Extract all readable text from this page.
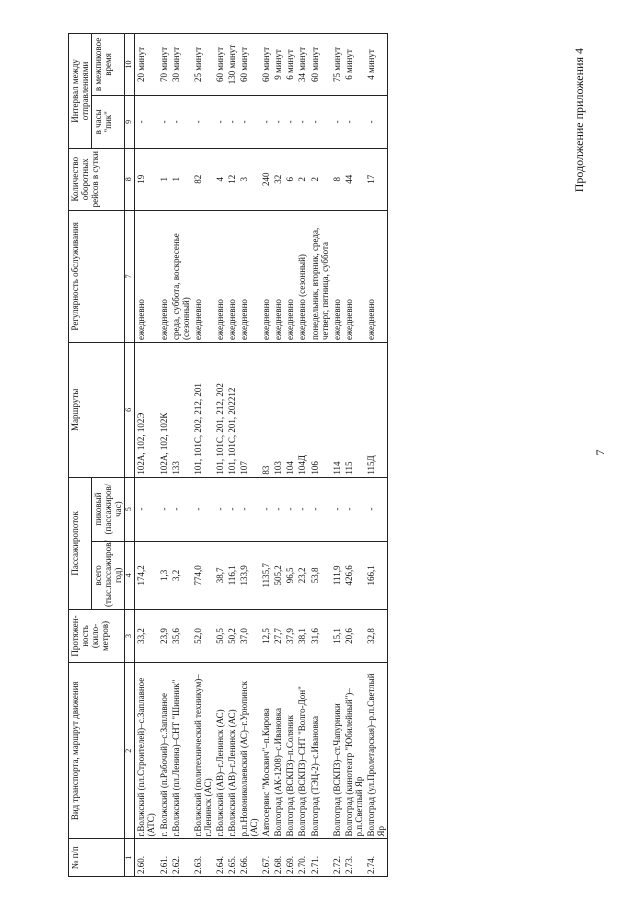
7
Продолжение приложения 4
№ п/п	Вид транспорта, маршрут движения	Протяжен-ность (кило-метров)	Пассажиропоток		Маршруты	Регулярность обслуживания	Количество оборотных рейсов в сутки	Интервал между отправлениями	
			всего (тыс.пассажиров/ год)	пиковый (пассажиров/ час)				в часы "пик"	в межпиковое время
1	2	3	4	5	6	7	8	9	10
2.60.	г.Волжский (пл.Строителей)–с.Заплавное (АТС)	33,2	174,2	-	102А, 102, 102Э	ежедневно	19	-	20 минут
2.61.	г. Волжский (п.Рабочий)–с.Заплавное	23,9	1,3	-	102А, 102, 102К	ежедневно	1	-	70 минут
2.62.	г.Волжский (пл.Ленина)–СНТ "Шинник"	35,6	3,2	-	133	среда, суббота, воскресенье (сезонный)	1	-	30 минут
2.63.	г.Волжский (политехнический техникум)–г.Ленинск (АС)	52,0	774,0	-	101, 101С, 202, 212, 201	ежедневно	82	-	25 минут
2.64.	г.Волжский (АВ)–г.Ленинск (АС)	50,5	38,7	-	101, 101С, 201, 212, 202	ежедневно	4	-	60 минут
2.65.	г.Волжский (АВ)–г.Ленинск (АС)	50,2	116,1	-	101, 101С, 201, 202212	ежедневно	12	-	130 минут
2.66.	р.п.Новониколаевский (АС)–г.Урюпинск (АС)	37,0	133,9	-	107	ежедневно	3	-	60 минут
2.67.	Автосервис "Москвич"–п.Кирова	12,5	1135,7	-	83	ежедневно	240	-	60 минут
2.68.	Волгоград (АК-1208)–с.Ивановка	27,7	505,2	-	103	ежедневно	32	-	9 минут
2.69.	Волгоград (ВСКПЗ)–п.Соляник	37,9	96,5	-	104	ежедневно	6	-	6 минут
2.70.	Волгоград (ВСКПЗ)–СНТ "Волго-Дон"	38,1	23,2	-	104Д	ежедневно (сезонный)	2	-	34 минут
2.71.	Волгоград (ТЭЦ-2)–с.Ивановка	31,6	53,8	-	106	понедельник, вторник, среда, четверг, пятница, суббота	2	-	60 минут
2.72.	Волгоград (ВСКПЗ)–ст.Чапурники	15,1	111,9	-	114	ежедневно	8	-	75 минут
2.73.	Волгоград (кинотеатр "Юбилейный")–р.п.Светлый Яр	20,6	426,6	-	115	ежедневно	44	-	6 минут
2.74.	Волгоград (ул.Пролетарская)–р.п.Светлый Яр	32,8	166,1	-	115Д	ежедневно	17	-	4 минут
